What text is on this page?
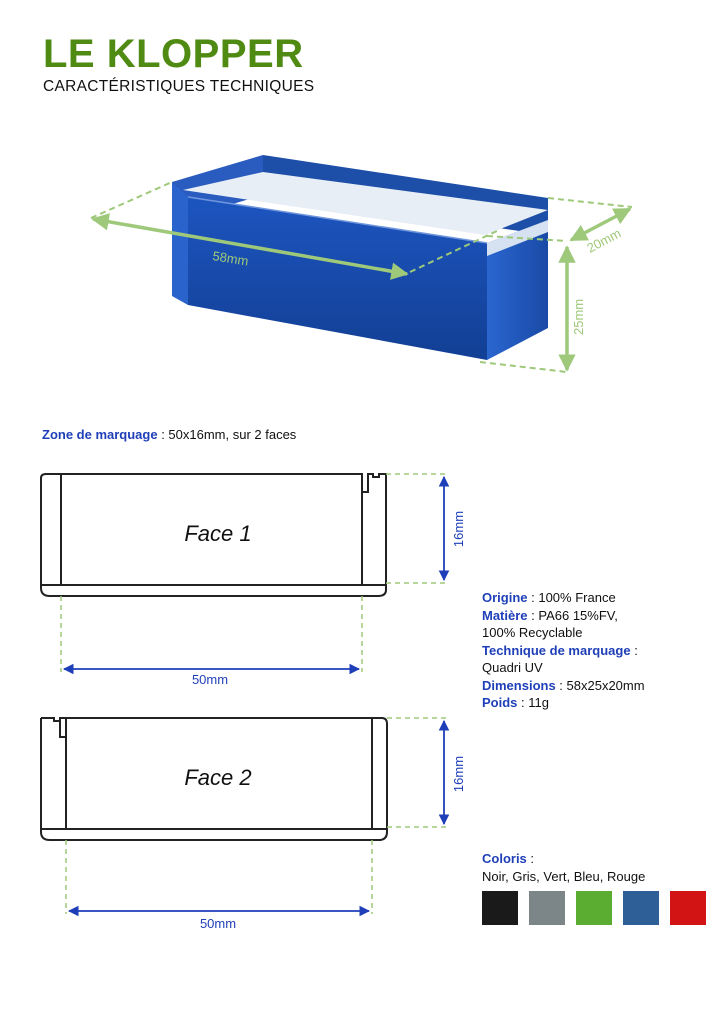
LE KLOPPER

CARACTÉRISTIQUES TECHNIQUES

58mm
20mm
25mm
Face 1	16mm
50mm
Face 2	16mm
50mm
Zone de marquage : 50x16mm, sur 2 faces
Origine : 100% France
Matière : PA66 15%FV,
100% Recyclable
Technique de marquage :
Quadri UV
Dimensions : 58x25x20mm
Poids : 11g
Coloris :
Noir, Gris, Vert, Bleu, Rouge
